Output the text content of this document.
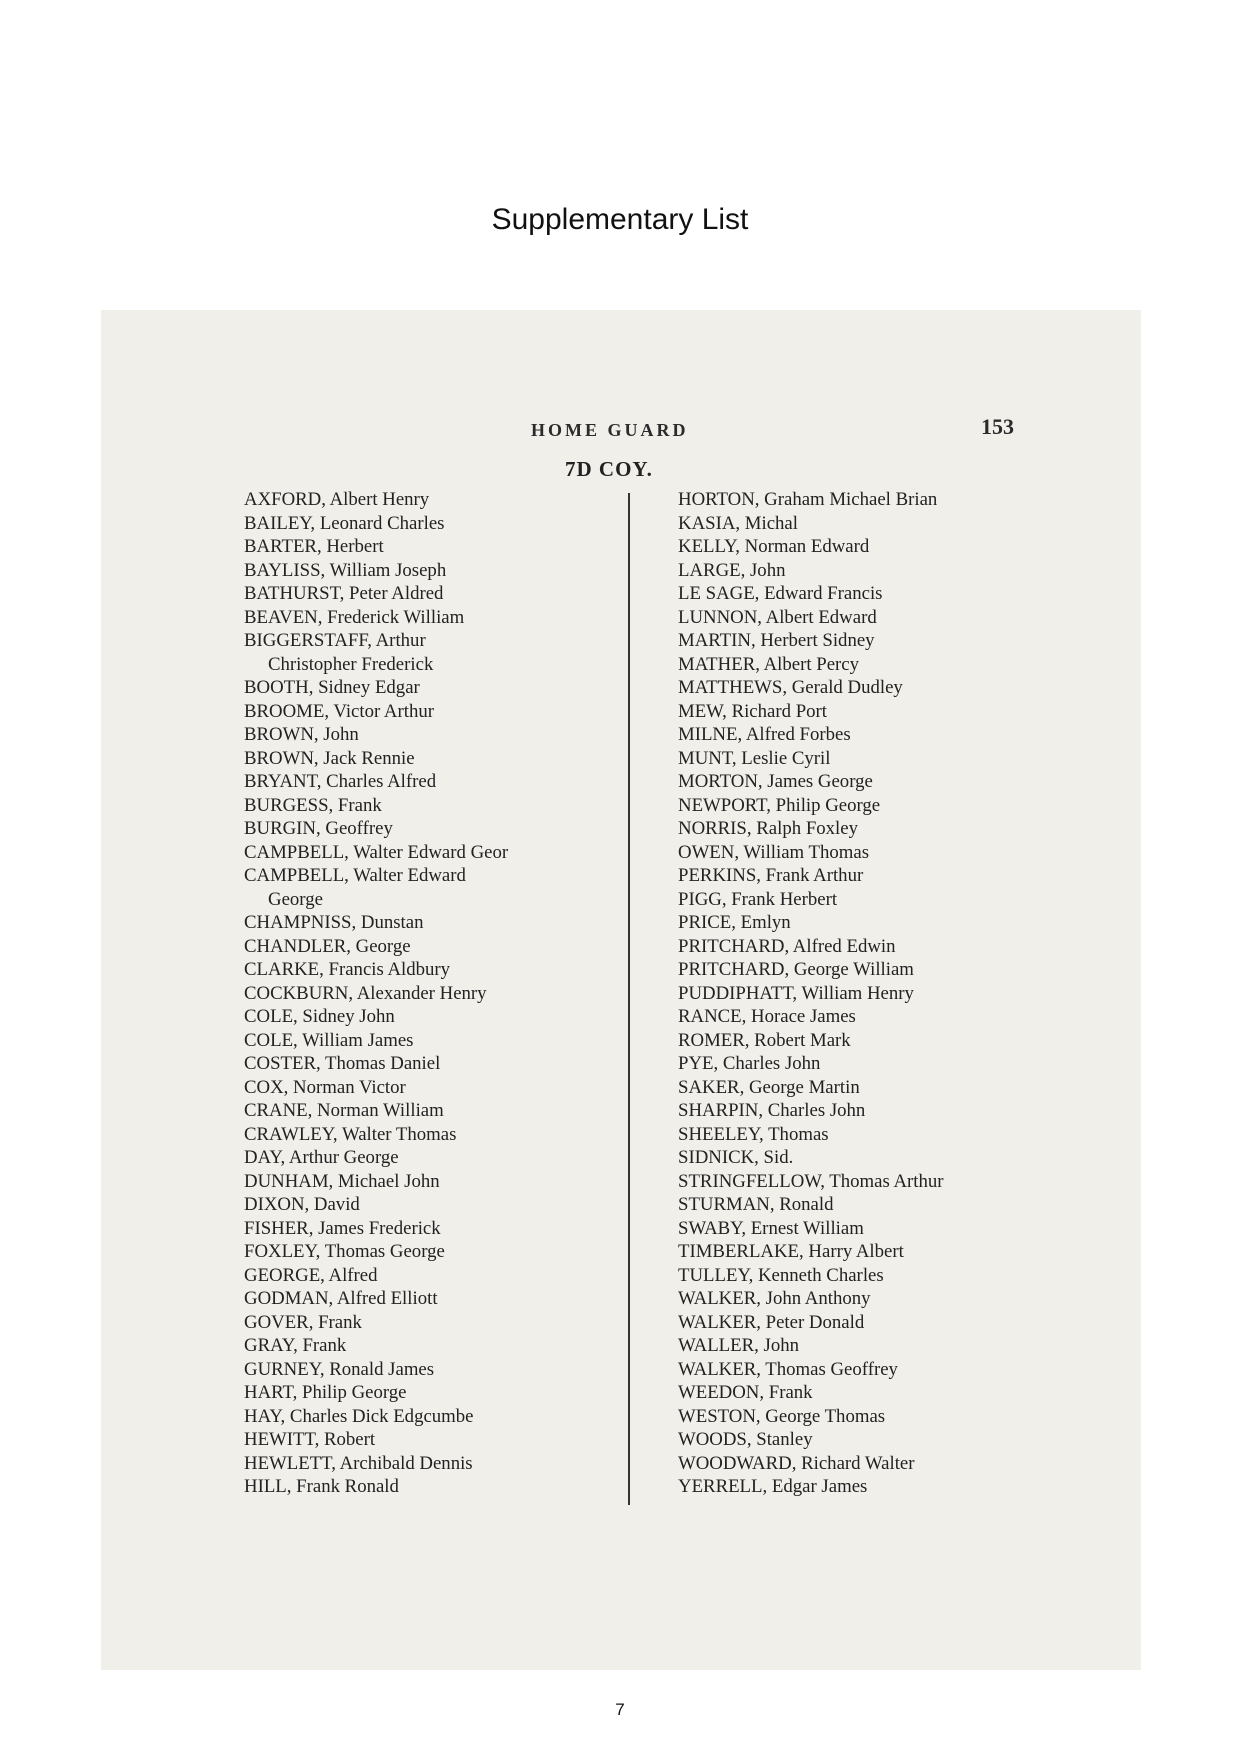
Supplementary List
HOME GUARD	153
7D COY.
AXFORD, Albert Henry
BAILEY, Leonard Charles
BARTER, Herbert
BAYLISS, William Joseph
BATHURST, Peter Aldred
BEAVEN, Frederick William
BIGGERSTAFF, Arthur
Christopher Frederick
BOOTH, Sidney Edgar
BROOME, Victor Arthur
BROWN, John
BROWN, Jack Rennie
BRYANT, Charles Alfred
BURGESS, Frank
BURGIN, Geoffrey
CAMPBELL, Walter Edward Geor
CAMPBELL, Walter Edward
George
CHAMPNISS, Dunstan
CHANDLER, George
CLARKE, Francis Aldbury
COCKBURN, Alexander Henry
COLE, Sidney John
COLE, William James
COSTER, Thomas Daniel
COX, Norman Victor
CRANE, Norman William
CRAWLEY, Walter Thomas
DAY, Arthur George
DUNHAM, Michael John
DIXON, David
FISHER, James Frederick
FOXLEY, Thomas George
GEORGE, Alfred
GODMAN, Alfred Elliott
GOVER, Frank
GRAY, Frank
GURNEY, Ronald James
HART, Philip George
HAY, Charles Dick Edgcumbe
HEWITT, Robert
HEWLETT, Archibald Dennis
HILL, Frank Ronald
HORTON, Graham Michael Brian
KASIA, Michal
KELLY, Norman Edward
LARGE, John
LE SAGE, Edward Francis
LUNNON, Albert Edward
MARTIN, Herbert Sidney
MATHER, Albert Percy
MATTHEWS, Gerald Dudley
MEW, Richard Port
MILNE, Alfred Forbes
MUNT, Leslie Cyril
MORTON, James George
NEWPORT, Philip George
NORRIS, Ralph Foxley
OWEN, William Thomas
PERKINS, Frank Arthur
PIGG, Frank Herbert
PRICE, Emlyn
PRITCHARD, Alfred Edwin
PRITCHARD, George William
PUDDIPHATT, William Henry
RANCE, Horace James
ROMER, Robert Mark
PYE, Charles John
SAKER, George Martin
SHARPIN, Charles John
SHEELEY, Thomas
SIDNICK, Sid.
STRINGFELLOW, Thomas Arthur
STURMAN, Ronald
SWABY, Ernest William
TIMBERLAKE, Harry Albert
TULLEY, Kenneth Charles
WALKER, John Anthony
WALKER, Peter Donald
WALLER, John
WALKER, Thomas Geoffrey
WEEDON, Frank
WESTON, George Thomas
WOODS, Stanley
WOODWARD, Richard Walter
YERRELL, Edgar James
7
